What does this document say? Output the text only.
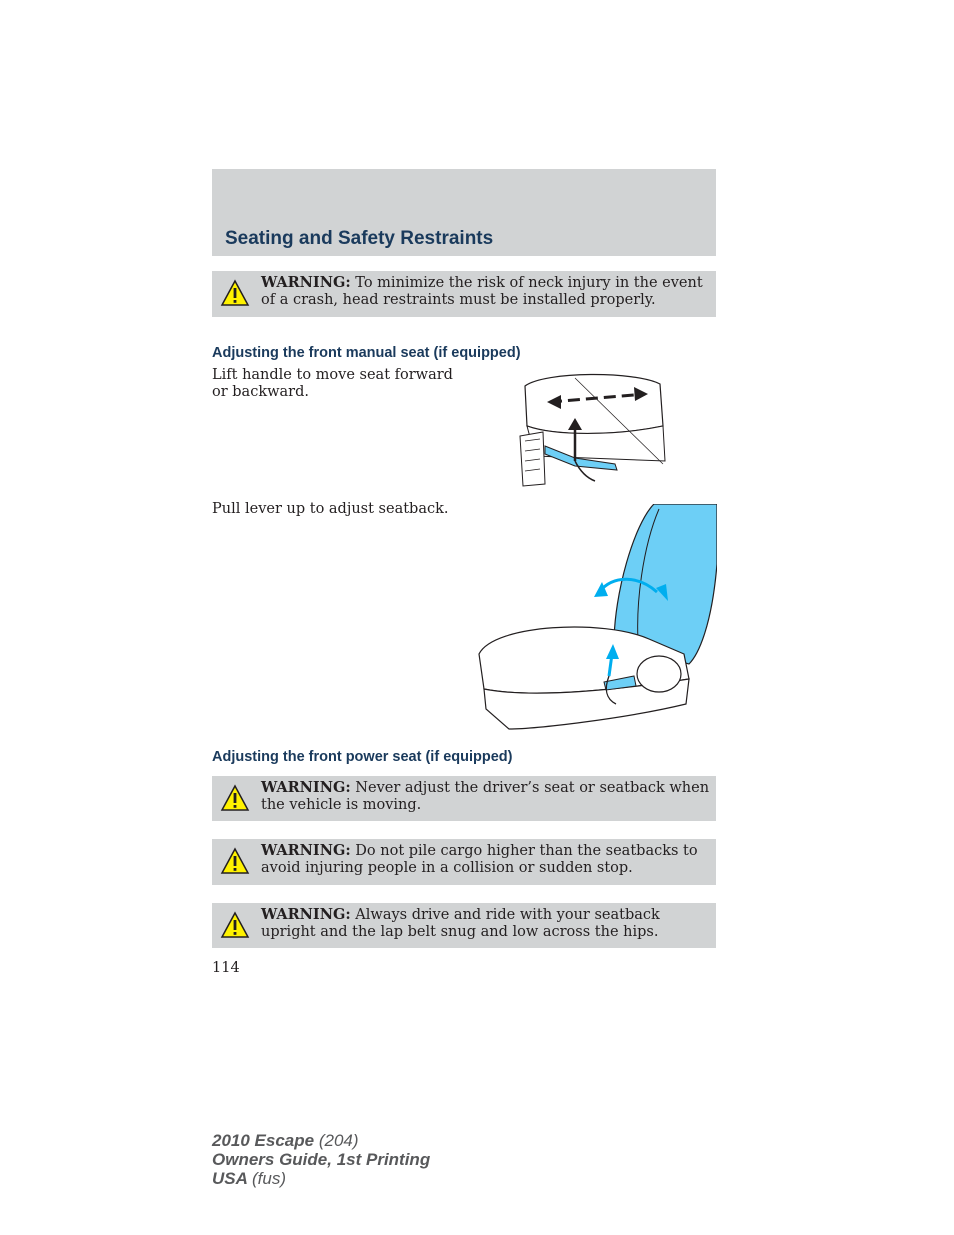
Seating and Safety Restraints
WARNING: To minimize the risk of neck injury in the event of a crash, head restraints must be installed properly.
Adjusting the front manual seat (if equipped)
Lift handle to move seat forward or backward.
Pull lever up to adjust seatback.
Adjusting the front power seat (if equipped)
WARNING: Never adjust the driver’s seat or seatback when the vehicle is moving.
WARNING: Do not pile cargo higher than the seatbacks to avoid injuring people in a collision or sudden stop.
WARNING: Always drive and ride with your seatback upright and the lap belt snug and low across the hips.
114
2010 Escape (204)
Owners Guide, 1st Printing
USA (fus)
